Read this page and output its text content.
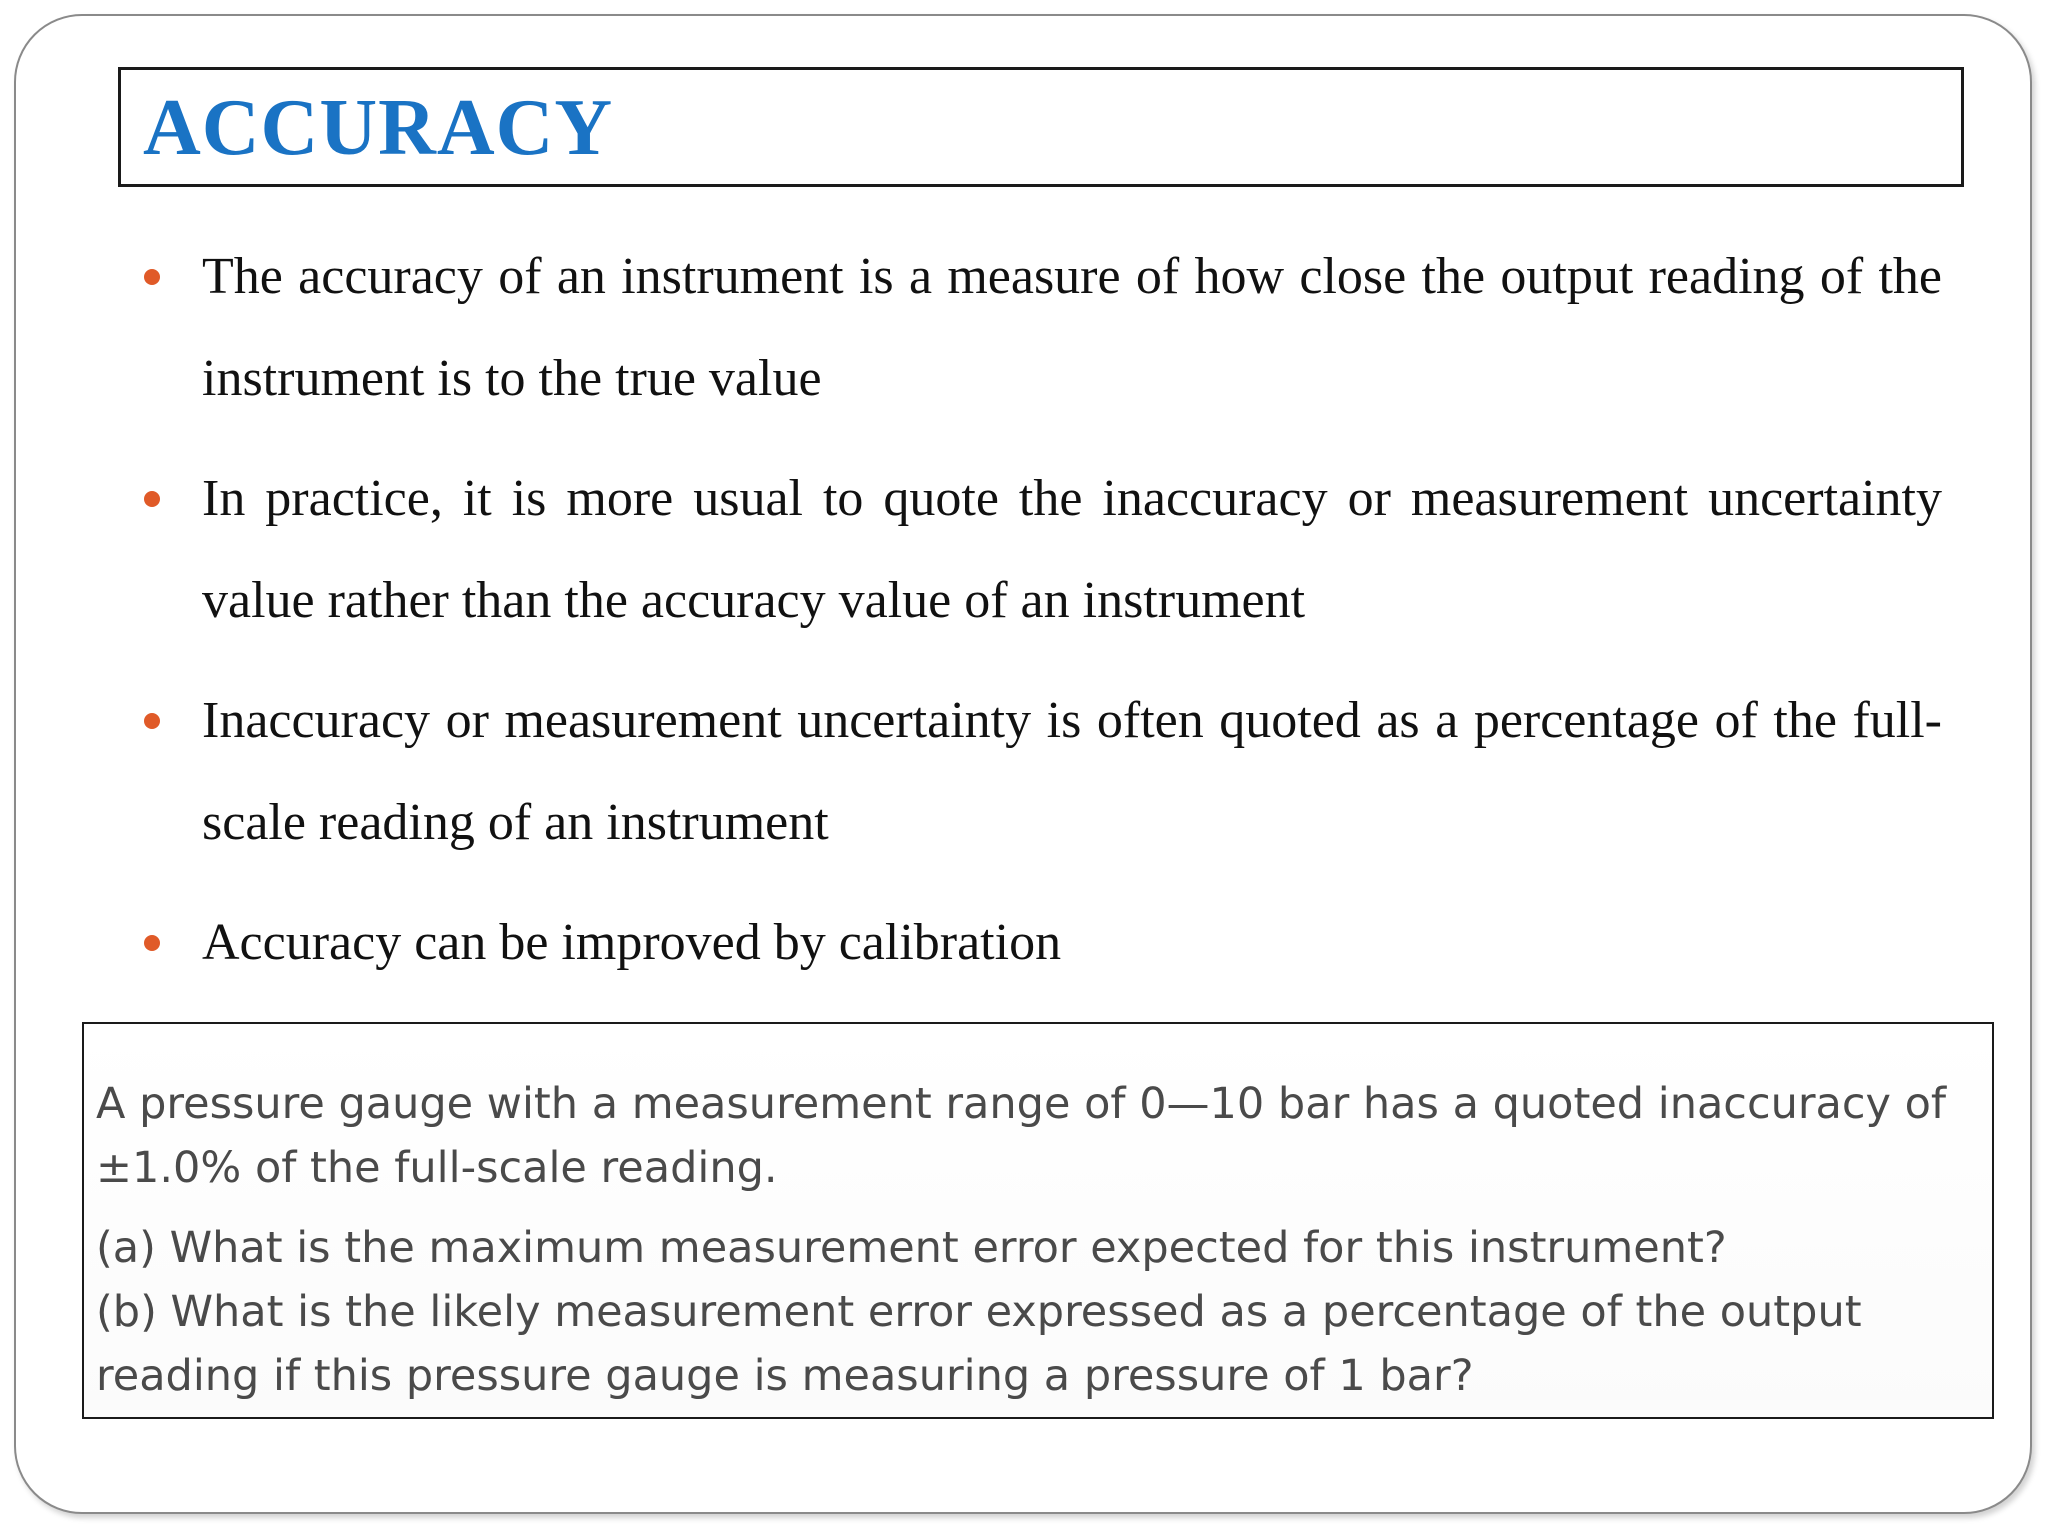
ACCURACY
The accuracy of an instrument is a measure of how close the output reading of the instrument is to the true value
In practice, it is more usual to quote the inaccuracy or measurement uncertainty value rather than the accuracy value of an instrument
Inaccuracy or measurement uncertainty is often quoted as a percentage of the full-scale reading of an instrument
Accuracy can be improved by calibration

A pressure gauge with a measurement range of 0—10 bar has a quoted inaccuracy of ±1.0% of the full-scale reading.

(a) What is the maximum measurement error expected for this instrument?

(b) What is the likely measurement error expressed as a percentage of the output reading if this pressure gauge is measuring a pressure of 1 bar?
